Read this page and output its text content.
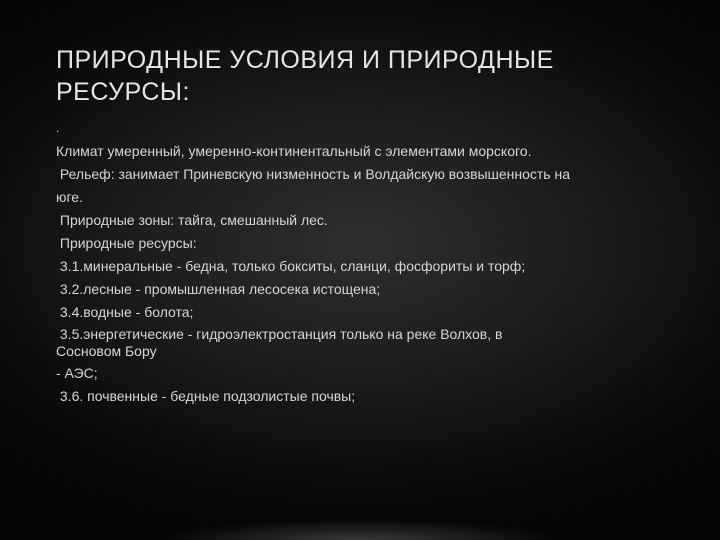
ПРИРОДНЫЕ УСЛОВИЯ И ПРИРОДНЫЕ РЕСУРСЫ:
.
Климат умеренный, умеренно-континентальный с элементами морского.
Рельеф: занимает Приневскую низменность и Волдайскую возвышенность на
юге.
Природные зоны: тайга, смешанный лес.
Природные ресурсы:
3.1.минеральные - бедна, только бокситы, сланци, фосфориты и торф;
3.2.лесные - промышленная лесосека истощена;
3.4.водные - болота;
3.5.энергетические - гидроэлектростанция только на реке Волхов, в
Сосновом Бору
- АЭС;
3.6. почвенные - бедные подзолистые почвы;
